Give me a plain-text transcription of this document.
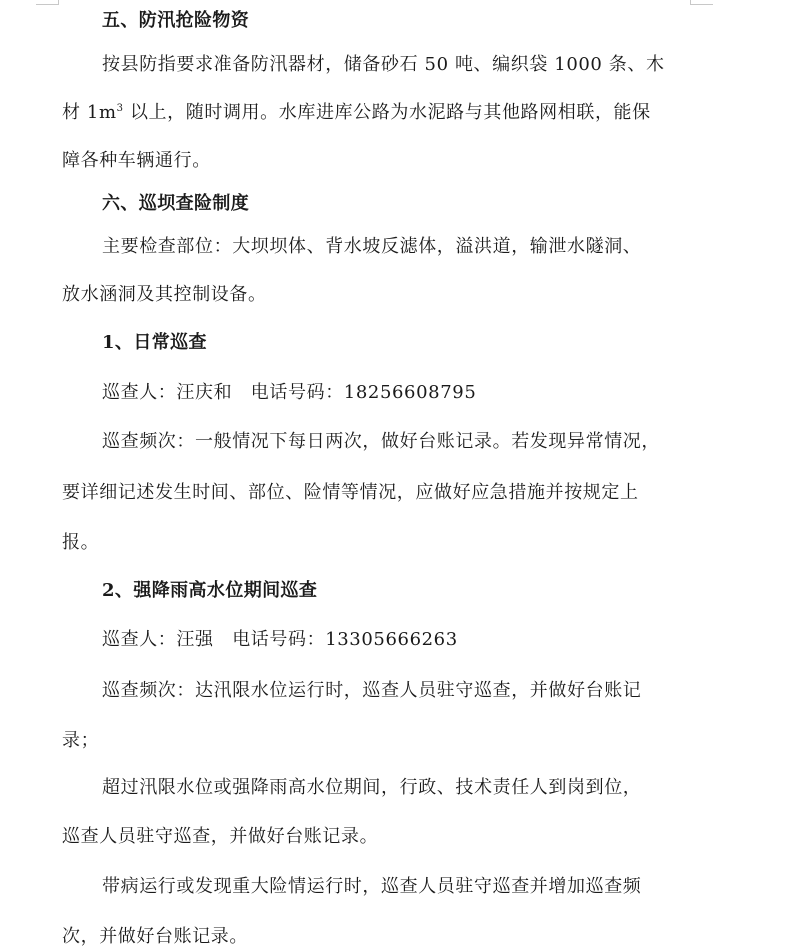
五、防汛抢险物资
按县防指要求准备防汛器材，储备砂石 50 吨、编织袋 1000 条、木
材 $1m^3$ 以上，随时调用。水库进库公路为水泥路与其他路网相联，能保
障各种车辆通行。
六、巡坝查险制度
主要检查部位：大坝坝体、背水坡反滤体，溢洪道，输泄水隧洞、
放水涵洞及其控制设备。
1、日常巡查
巡查人：汪庆和　电话号码：18256608795
巡查频次：一般情况下每日两次，做好台账记录。若发现异常情况，
要详细记述发生时间、部位、险情等情况，应做好应急措施并按规定上
报。
2、强降雨高水位期间巡查
巡查人：汪强　电话号码：13305666263
巡查频次：达汛限水位运行时，巡查人员驻守巡查，并做好台账记
录；
超过汛限水位或强降雨高水位期间，行政、技术责任人到岗到位，
巡查人员驻守巡查，并做好台账记录。
带病运行或发现重大险情运行时，巡查人员驻守巡查并增加巡查频
次，并做好台账记录。
